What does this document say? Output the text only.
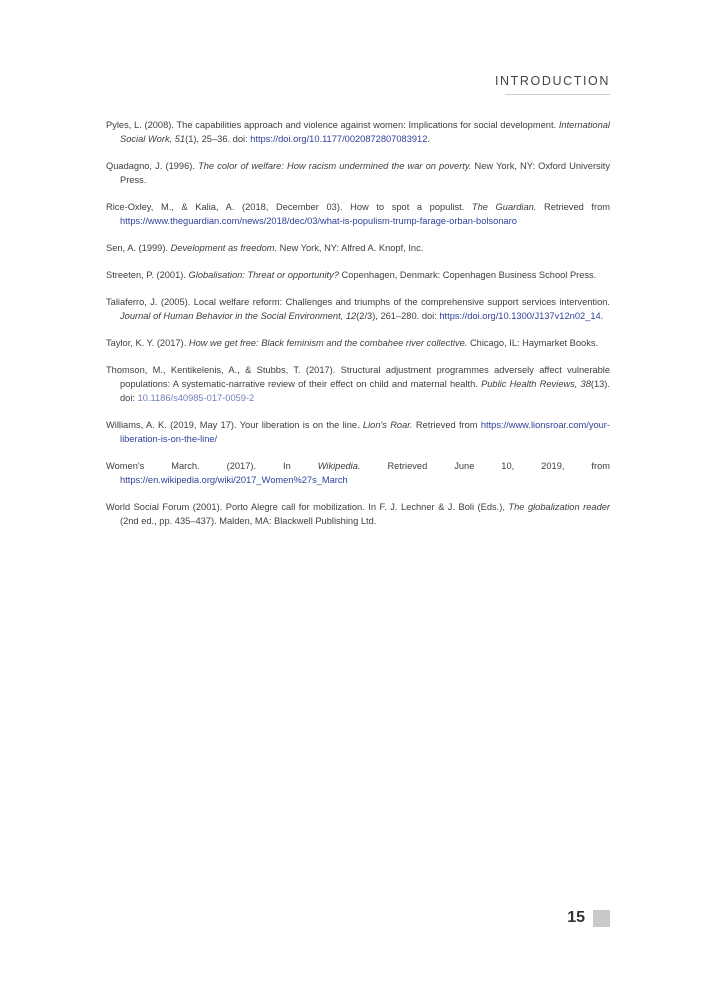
INTRODUCTION

Pyles, L. (2008). The capabilities approach and violence against women: Implications for social development. International Social Work, 51(1), 25–36. doi: https://doi.org/10.1177/0020872807083912.

Quadagno, J. (1996). The color of welfare: How racism undermined the war on poverty. New York, NY: Oxford University Press.

Rice-Oxley, M., & Kalia, A. (2018, December 03). How to spot a populist. The Guardian. Retrieved from https://www.theguardian.com/news/2018/dec/03/what-is-populism-trump-farage-orban-bolsonaro

Sen, A. (1999). Development as freedom. New York, NY: Alfred A. Knopf, Inc.

Streeten, P. (2001). Globalisation: Threat or opportunity? Copenhagen, Denmark: Copenhagen Business School Press.

Taliaferro, J. (2005). Local welfare reform: Challenges and triumphs of the comprehensive support services intervention. Journal of Human Behavior in the Social Environment, 12(2/3), 261–280. doi: https://doi.org/10.1300/J137v12n02_14.

Taylor, K. Y. (2017). How we get free: Black feminism and the combahee river collective. Chicago, IL: Haymarket Books.

Thomson, M., Kentikelenis, A., & Stubbs, T. (2017). Structural adjustment programmes adversely affect vulnerable populations: A systematic-narrative review of their effect on child and maternal health. Public Health Reviews, 38(13). doi: 10.1186/s40985-017-0059-2

Williams, A. K. (2019, May 17). Your liberation is on the line. Lion's Roar. Retrieved from https://www.lionsroar.com/your-liberation-is-on-the-line/

Women's March. (2017). In Wikipedia. Retrieved June 10, 2019, from https://en.wikipedia.org/wiki/2017_Women%27s_March

World Social Forum (2001). Porto Alegre call for mobilization. In F. J. Lechner & J. Boli (Eds.), The globalization reader (2nd ed., pp. 435–437). Malden, MA: Blackwell Publishing Ltd.

15
